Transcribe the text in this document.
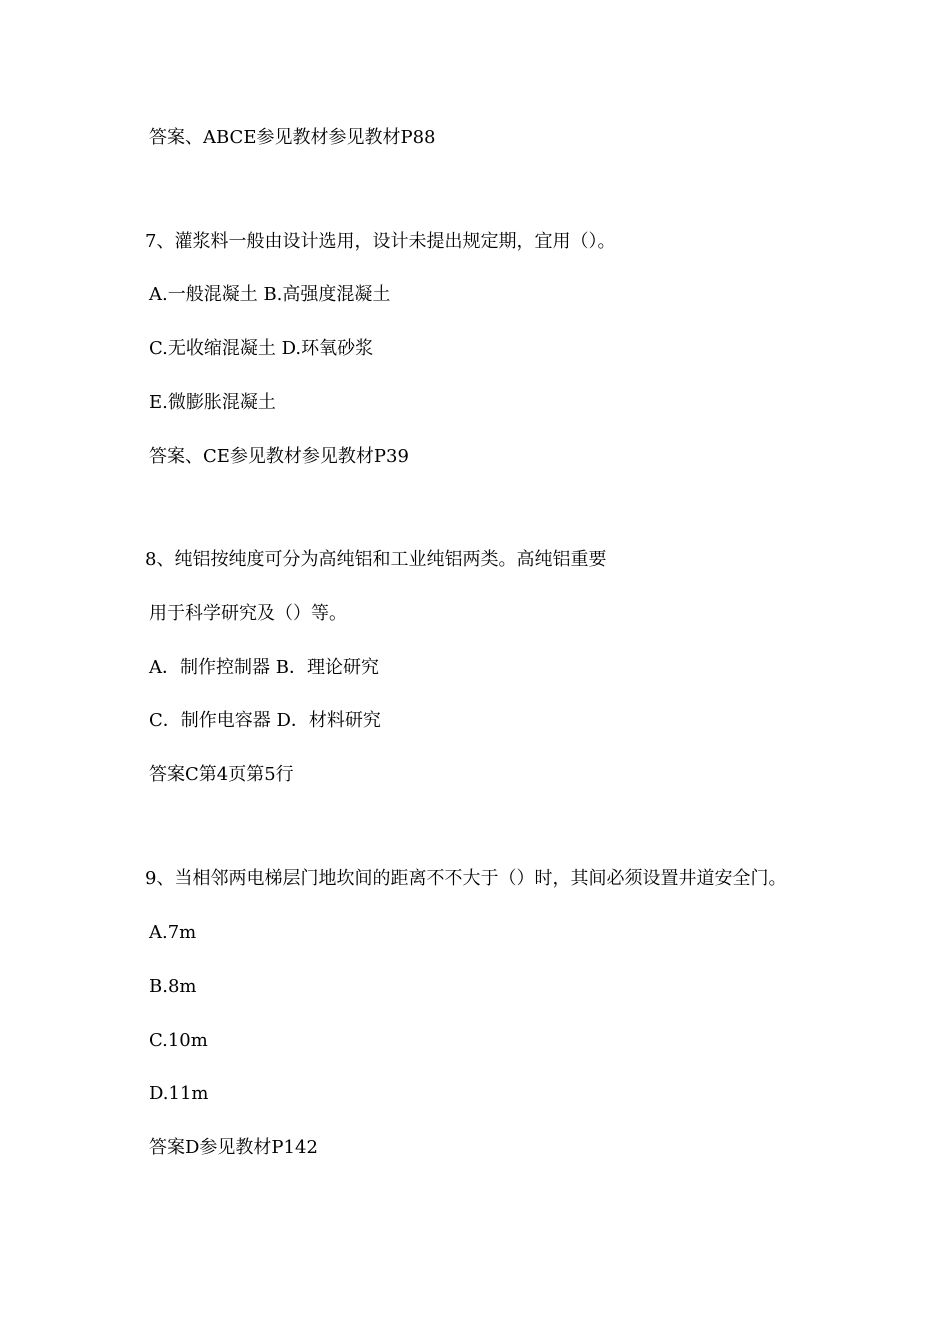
答案、ABCE参见教材参见教材P88
7、灌浆料一般由设计选用，设计未提出规定期，宜用（）。
A.一般混凝土 B.高强度混凝土
C.无收缩混凝土 D.环氧砂浆
E.微膨胀混凝土
答案、CE参见教材参见教材P39
8、纯铝按纯度可分为高纯铝和工业纯铝两类。高纯铝重要
用于科学研究及（）等。
A．制作控制器 B．理论研究
C．制作电容器 D．材料研究
答案C第4页第5行
9、当相邻两电梯层门地坎间的距离不不大于（）时，其间必须设置井道安全门。
A.7m
B.8m
C.10m
D.11m
答案D参见教材P142
